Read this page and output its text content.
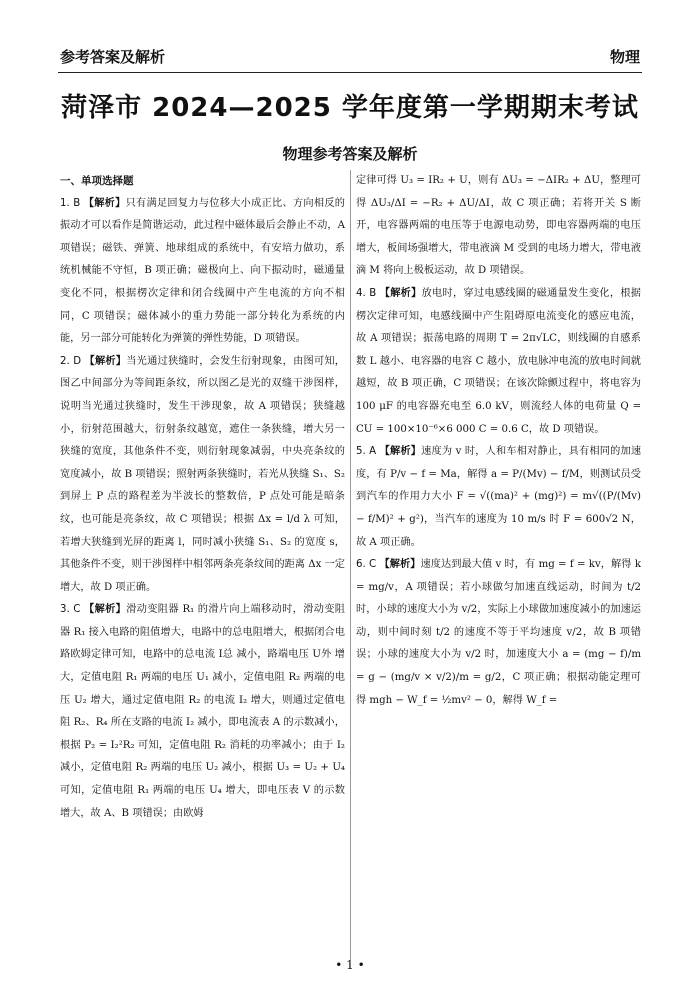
参考答案及解析	物理
菏泽市 2024—2025 学年度第一学期期末考试
物理参考答案及解析
一、单项选择题

1. B 【解析】只有满足回复力与位移大小成正比、方向相反的振动才可以看作是简谐运动，此过程中磁体最后会静止不动，A 项错误；磁铁、弹簧、地球组成的系统中，有安培力做功，系统机械能不守恒，B 项正确；磁极向上、向下振动时，磁通量变化不同，根据楞次定律和闭合线圈中产生电流的方向不相同，C 项错误；磁体减小的重力势能一部分转化为系统的内能，另一部分可能转化为弹簧的弹性势能，D 项错误。

2. D 【解析】当光通过狭缝时，会发生衍射现象，由图可知，图乙中间部分为等间距条纹，所以图乙是光的双缝干涉图样，说明当光通过狭缝时，发生干涉现象，故 A 项错误；狭缝越小，衍射范围越大，衍射条纹越宽，遮住一条狭缝，增大另一狭缝的宽度，其他条件不变，则衍射现象减弱，中央亮条纹的宽度减小，故 B 项错误；照射两条狭缝时，若光从狭缝 S₁、S₂ 到屏上 P 点的路程差为半波长的整数倍，P 点处可能是暗条纹，也可能是亮条纹，故 C 项错误；根据 Δx = l/d λ 可知，若增大狭缝到光屏的距离 l，同时减小狭缝 S₁、S₂ 的宽度 s，其他条件不变，则干涉图样中相邻两条亮条纹间的距离 Δx 一定增大，故 D 项正确。

3. C 【解析】滑动变阻器 R₁ 的滑片向上端移动时，滑动变阻器 R₁ 接入电路的阻值增大，电路中的总电阻增大，根据闭合电路欧姆定律可知，电路中的总电流 I总 减小，路端电压 U外 增大，定值电阻 R₁ 两端的电压 U₁ 减小，定值电阻 R₂ 两端的电压 U₂ 增大，通过定值电阻 R₂ 的电流 I₂ 增大，则通过定值电阻 R₂、R₄ 所在支路的电流 I₂ 减小，即电流表 A 的示数减小，根据 P₂ = I₂²R₂ 可知，定值电阻 R₂ 消耗的功率减小；由于 I₂ 减小，定值电阻 R₂ 两端的电压 U₂ 减小，根据 U₃ = U₂ + U₄ 可知，定值电阻 R₁ 两端的电压 U₄ 增大，即电压表 V 的示数增大，故 A、B 项错误；由欧姆

定律可得 U₃ = IR₂ + U，则有 ΔU₃ = −ΔIR₂ + ΔU，整理可得 ΔU₃/ΔI = −R₂ + ΔU/ΔI，故 C 项正确；若将开关 S 断开，电容器两端的电压等于电源电动势，即电容器两端的电压增大，板间场强增大，带电液滴 M 受到的电场力增大，带电液滴 M 将向上极板运动，故 D 项错误。

4. B 【解析】放电时，穿过电感线圈的磁通量发生变化，根据楞次定律可知，电感线圈中产生阻碍原电流变化的感应电流，故 A 项错误；振荡电路的周期 T = 2π√LC，则线圈的自感系数 L 越小、电容器的电容 C 越小，放电脉冲电流的放电时间就越短，故 B 项正确，C 项错误；在该次除颤过程中，将电容为 100 μF 的电容器充电至 6.0 kV，则流经人体的电荷量 Q = CU = 100×10⁻⁶×6 000 C = 0.6 C，故 D 项错误。

5. A 【解析】速度为 v 时，人和车相对静止，具有相同的加速度，有 P/v − f = Ma，解得 a = P/(Mv) − f/M，则测试员受到汽车的作用力大小 F = √((ma)² + (mg)²) = m√((P/(Mv) − f/M)² + g²)，当汽车的速度为 10 m/s 时 F = 600√2 N，故 A 项正确。

6. C 【解析】速度达到最大值 v 时，有 mg = f = kv，解得 k = mg/v，A 项错误；若小球做匀加速直线运动，时间为 t/2 时，小球的速度大小为 v/2，实际上小球做加速度减小的加速运动，则中间时刻 t/2 的速度不等于平均速度 v/2，故 B 项错误；小球的速度大小为 v/2 时，加速度大小 a = (mg − f)/m = g − (mg/v × v/2)/m = g/2，C 项正确；根据动能定理可得 mgh − W_f = ½mv² − 0，解得 W_f =

• 1 •
